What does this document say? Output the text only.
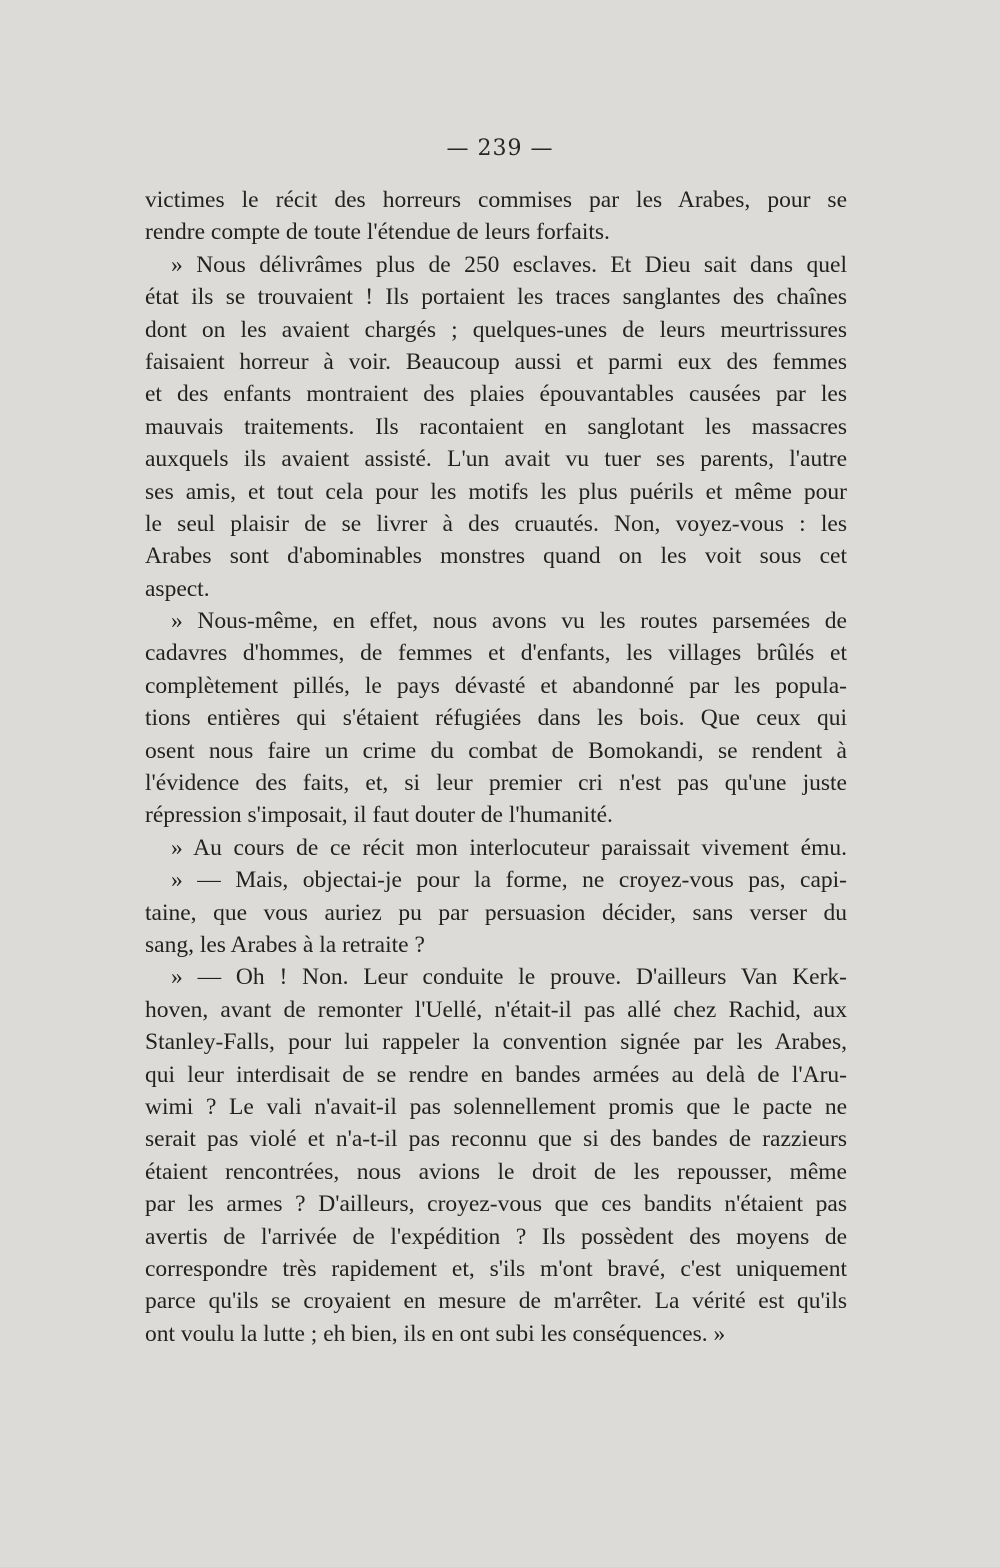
— 239 —
victimes le récit des horreurs commises par les Arabes, pour se
rendre compte de toute l'étendue de leurs forfaits.
» Nous délivrâmes plus de 250 esclaves. Et Dieu sait dans quel
état ils se trouvaient ! Ils portaient les traces sanglantes des chaînes
dont on les avaient chargés ; quelques-unes de leurs meurtrissures
faisaient horreur à voir. Beaucoup aussi et parmi eux des femmes
et des enfants montraient des plaies épouvantables causées par les
mauvais traitements. Ils racontaient en sanglotant les massacres
auxquels ils avaient assisté. L'un avait vu tuer ses parents, l'autre
ses amis, et tout cela pour les motifs les plus puérils et même pour
le seul plaisir de se livrer à des cruautés. Non, voyez-vous : les
Arabes sont d'abominables monstres quand on les voit sous cet
aspect.
» Nous-même, en effet, nous avons vu les routes parsemées de
cadavres d'hommes, de femmes et d'enfants, les villages brûlés et
complètement pillés, le pays dévasté et abandonné par les popula-
tions entières qui s'étaient réfugiées dans les bois. Que ceux qui
osent nous faire un crime du combat de Bomokandi, se rendent à
l'évidence des faits, et, si leur premier cri n'est pas qu'une juste
répression s'imposait, il faut douter de l'humanité.
» Au cours de ce récit mon interlocuteur paraissait vivement ému.
» — Mais, objectai-je pour la forme, ne croyez-vous pas, capi-
taine, que vous auriez pu par persuasion décider, sans verser du
sang, les Arabes à la retraite ?
» — Oh ! Non. Leur conduite le prouve. D'ailleurs Van Kerk-
hoven, avant de remonter l'Uellé, n'était-il pas allé chez Rachid, aux
Stanley-Falls, pour lui rappeler la convention signée par les Arabes,
qui leur interdisait de se rendre en bandes armées au delà de l'Aru-
wimi ? Le vali n'avait-il pas solennellement promis que le pacte ne
serait pas violé et n'a-t-il pas reconnu que si des bandes de razzieurs
étaient rencontrées, nous avions le droit de les repousser, même
par les armes ? D'ailleurs, croyez-vous que ces bandits n'étaient pas
avertis de l'arrivée de l'expédition ? Ils possèdent des moyens de
correspondre très rapidement et, s'ils m'ont bravé, c'est uniquement
parce qu'ils se croyaient en mesure de m'arrêter. La vérité est qu'ils
ont voulu la lutte ; eh bien, ils en ont subi les conséquences. »
